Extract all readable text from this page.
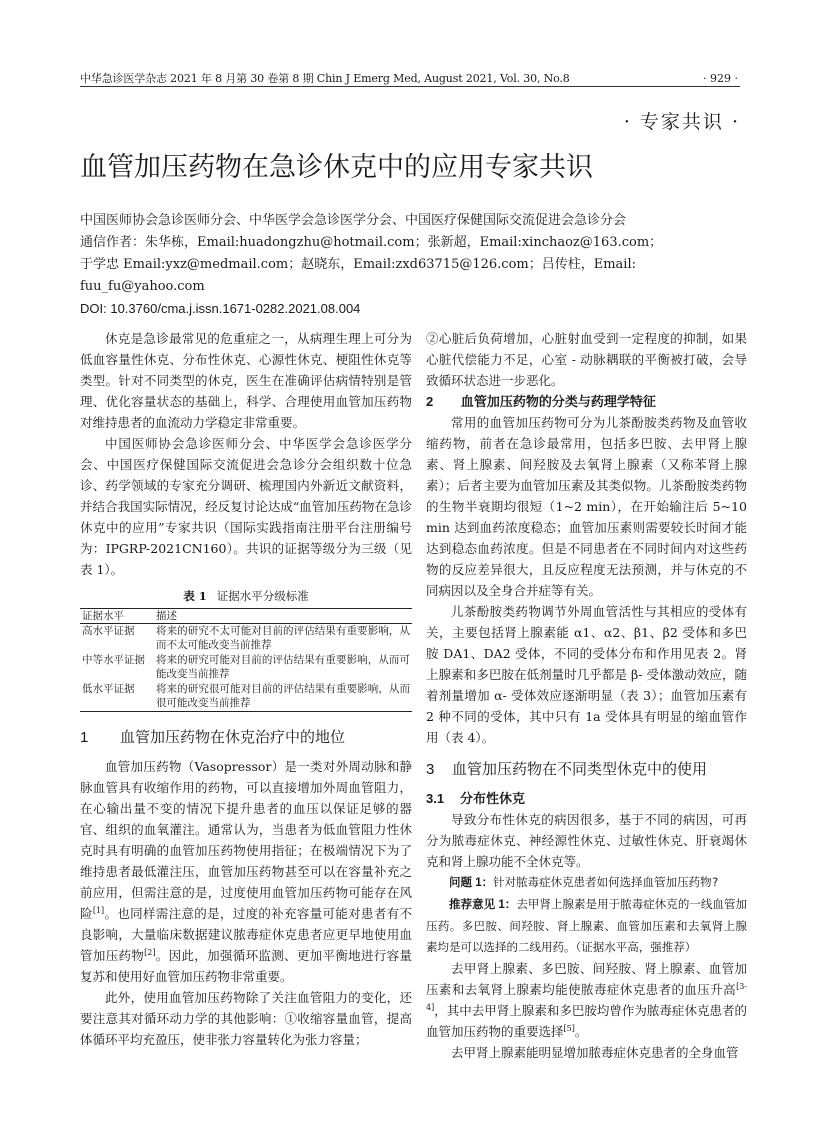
中华急诊医学杂志 2021 年 8 月第 30 卷第 8 期 Chin J Emerg Med, August 2021, Vol. 30, No.8	· 929 ·
· 专家共识 ·
血管加压药物在急诊休克中的应用专家共识
中国医师协会急诊医师分会、中华医学会急诊医学分会、中国医疗保健国际交流促进会急诊分会
通信作者：朱华栋，Email:huadongzhu@hotmail.com；张新超，Email:xinchaoz@163.com；
于学忠 Email:yxz@medmail.com；赵晓东，Email:zxd63715@126.com；吕传柱，Email:
fuu_fu@yahoo.com
DOI: 10.3760/cma.j.issn.1671-0282.2021.08.004

休克是急诊最常见的危重症之一，从病理生理上可分为低血容量性休克、分布性休克、心源性休克、梗阻性休克等类型。针对不同类型的休克，医生在准确评估病情特别是管理、优化容量状态的基础上，科学、合理使用血管加压药物对维持患者的血流动力学稳定非常重要。

中国医师协会急诊医师分会、中华医学会急诊医学分会、中国医疗保健国际交流促进会急诊分会组织数十位急诊、药学领域的专家充分调研、梳理国内外新近文献资料，并结合我国实际情况，经反复讨论达成“血管加压药物在急诊休克中的应用”专家共识（国际实践指南注册平台注册编号为：IPGRP-2021CN160）。共识的证据等级分为三级（见表 1）。

表 1 证据水平分级标准
证据水平	描述
高水平证据	将来的研究不太可能对目前的评估结果有重要影响，从而不太可能改变当前推荐
中等水平证据	将来的研究可能对目前的评估结果有重要影响，从而可能改变当前推荐
低水平证据	将来的研究很可能对目前的评估结果有重要影响，从而很可能改变当前推荐
1 血管加压药物在休克治疗中的地位

血管加压药物（Vasopressor）是一类对外周动脉和静脉血管具有收缩作用的药物，可以直接增加外周血管阻力，在心输出量不变的情况下提升患者的血压以保证足够的器官、组织的血氧灌注。通常认为，当患者为低血管阻力性休克时具有明确的血管加压药物使用指征；在极端情况下为了维持患者最低灌注压，血管加压药物甚至可以在容量补充之前应用，但需注意的是，过度使用血管加压药物可能存在风险[1]。也同样需注意的是，过度的补充容量可能对患者有不良影响，大量临床数据建议脓毒症休克患者应更早地使用血管加压药物[2]。因此，加强循环监测、更加平衡地进行容量复苏和使用好血管加压药物非常重要。

此外，使用血管加压药物除了关注血管阻力的变化，还要注意其对循环动力学的其他影响：①收缩容量血管，提高体循环平均充盈压，使非张力容量转化为张力容量；

②心脏后负荷增加，心脏射血受到一定程度的抑制，如果心脏代偿能力不足，心室 - 动脉耦联的平衡被打破，会导致循环状态进一步恶化。

2 血管加压药物的分类与药理学特征

常用的血管加压药物可分为儿茶酚胺类药物及血管收缩药物，前者在急诊最常用，包括多巴胺、去甲肾上腺素、肾上腺素、间羟胺及去氧肾上腺素（又称苯肾上腺素）；后者主要为血管加压素及其类似物。儿茶酚胺类药物的生物半衰期均很短（1~2 min），在开始输注后 5~10 min 达到血药浓度稳态；血管加压素则需要较长时间才能达到稳态血药浓度。但是不同患者在不同时间内对这些药物的反应差异很大，且反应程度无法预测，并与休克的不同病因以及全身合并症等有关。

儿茶酚胺类药物调节外周血管活性与其相应的受体有关，主要包括肾上腺素能 α1、α2、β1、β2 受体和多巴胺 DA1、DA2 受体，不同的受体分布和作用见表 2。肾上腺素和多巴胺在低剂量时几乎都是 β- 受体激动效应，随着剂量增加 α- 受体效应逐渐明显（表 3）；血管加压素有 2 种不同的受体，其中只有 1a 受体具有明显的缩血管作用（表 4）。

3 血管加压药物在不同类型休克中的使用
3.1 分布性休克

导致分布性休克的病因很多，基于不同的病因，可再分为脓毒症休克、神经源性休克、过敏性休克、肝衰竭休克和肾上腺功能不全休克等。

问题 1：针对脓毒症休克患者如何选择血管加压药物?

推荐意见 1：去甲肾上腺素是用于脓毒症休克的一线血管加压药。多巴胺、间羟胺、肾上腺素、血管加压素和去氧肾上腺素均是可以选择的二线用药。（证据水平高，强推荐）

去甲肾上腺素、多巴胺、间羟胺、肾上腺素、血管加压素和去氧肾上腺素均能使脓毒症休克患者的血压升高[3-4]，其中去甲肾上腺素和多巴胺均曾作为脓毒症休克患者的血管加压药物的重要选择[5]。

去甲肾上腺素能明显增加脓毒症休克患者的全身血管
